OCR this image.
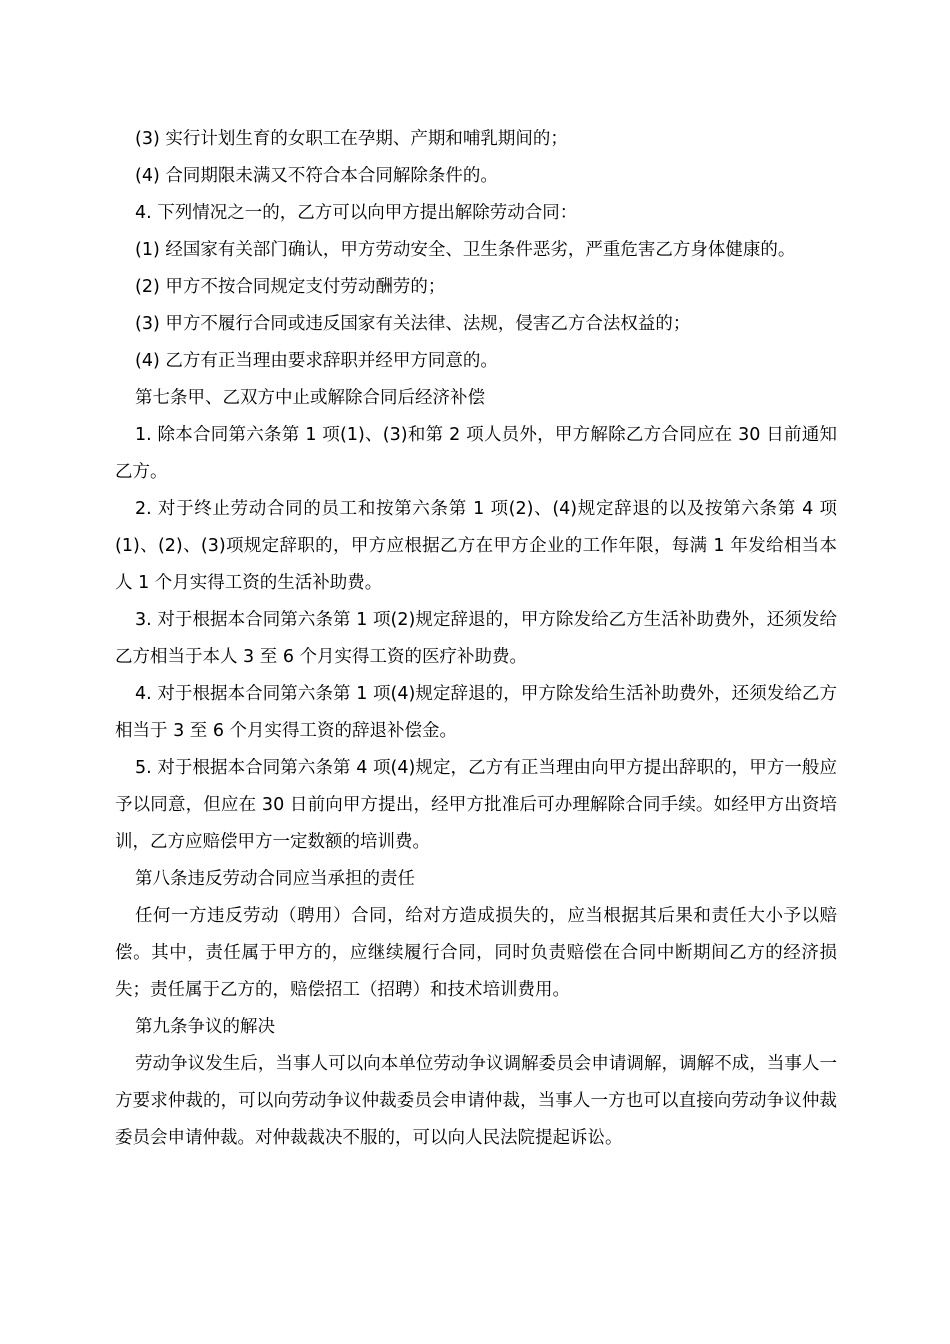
(3) 实行计划生育的女职工在孕期、产期和哺乳期间的；

(4) 合同期限未满又不符合本合同解除条件的。

4. 下列情况之一的，乙方可以向甲方提出解除劳动合同：

(1) 经国家有关部门确认，甲方劳动安全、卫生条件恶劣，严重危害乙方身体健康的。

(2) 甲方不按合同规定支付劳动酬劳的；

(3) 甲方不履行合同或违反国家有关法律、法规，侵害乙方合法权益的；

(4) 乙方有正当理由要求辞职并经甲方同意的。

第七条甲、乙双方中止或解除合同后经济补偿

1. 除本合同第六条第 1 项(1)、(3)和第 2 项人员外，甲方解除乙方合同应在 30 日前通知乙方。

2. 对于终止劳动合同的员工和按第六条第 1 项(2)、(4)规定辞退的以及按第六条第 4 项(1)、(2)、(3)项规定辞职的，甲方应根据乙方在甲方企业的工作年限，每满 1 年发给相当本人 1 个月实得工资的生活补助费。

3. 对于根据本合同第六条第 1 项(2)规定辞退的，甲方除发给乙方生活补助费外，还须发给乙方相当于本人 3 至 6 个月实得工资的医疗补助费。

4. 对于根据本合同第六条第 1 项(4)规定辞退的，甲方除发给生活补助费外，还须发给乙方相当于 3 至 6 个月实得工资的辞退补偿金。

5. 对于根据本合同第六条第 4 项(4)规定，乙方有正当理由向甲方提出辞职的，甲方一般应予以同意，但应在 30 日前向甲方提出，经甲方批准后可办理解除合同手续。如经甲方出资培训，乙方应赔偿甲方一定数额的培训费。

第八条违反劳动合同应当承担的责任

任何一方违反劳动（聘用）合同，给对方造成损失的，应当根据其后果和责任大小予以赔偿。其中，责任属于甲方的，应继续履行合同，同时负责赔偿在合同中断期间乙方的经济损失；责任属于乙方的，赔偿招工（招聘）和技术培训费用。

第九条争议的解决

劳动争议发生后，当事人可以向本单位劳动争议调解委员会申请调解，调解不成，当事人一方要求仲裁的，可以向劳动争议仲裁委员会申请仲裁，当事人一方也可以直接向劳动争议仲裁委员会申请仲裁。对仲裁裁决不服的，可以向人民法院提起诉讼。
